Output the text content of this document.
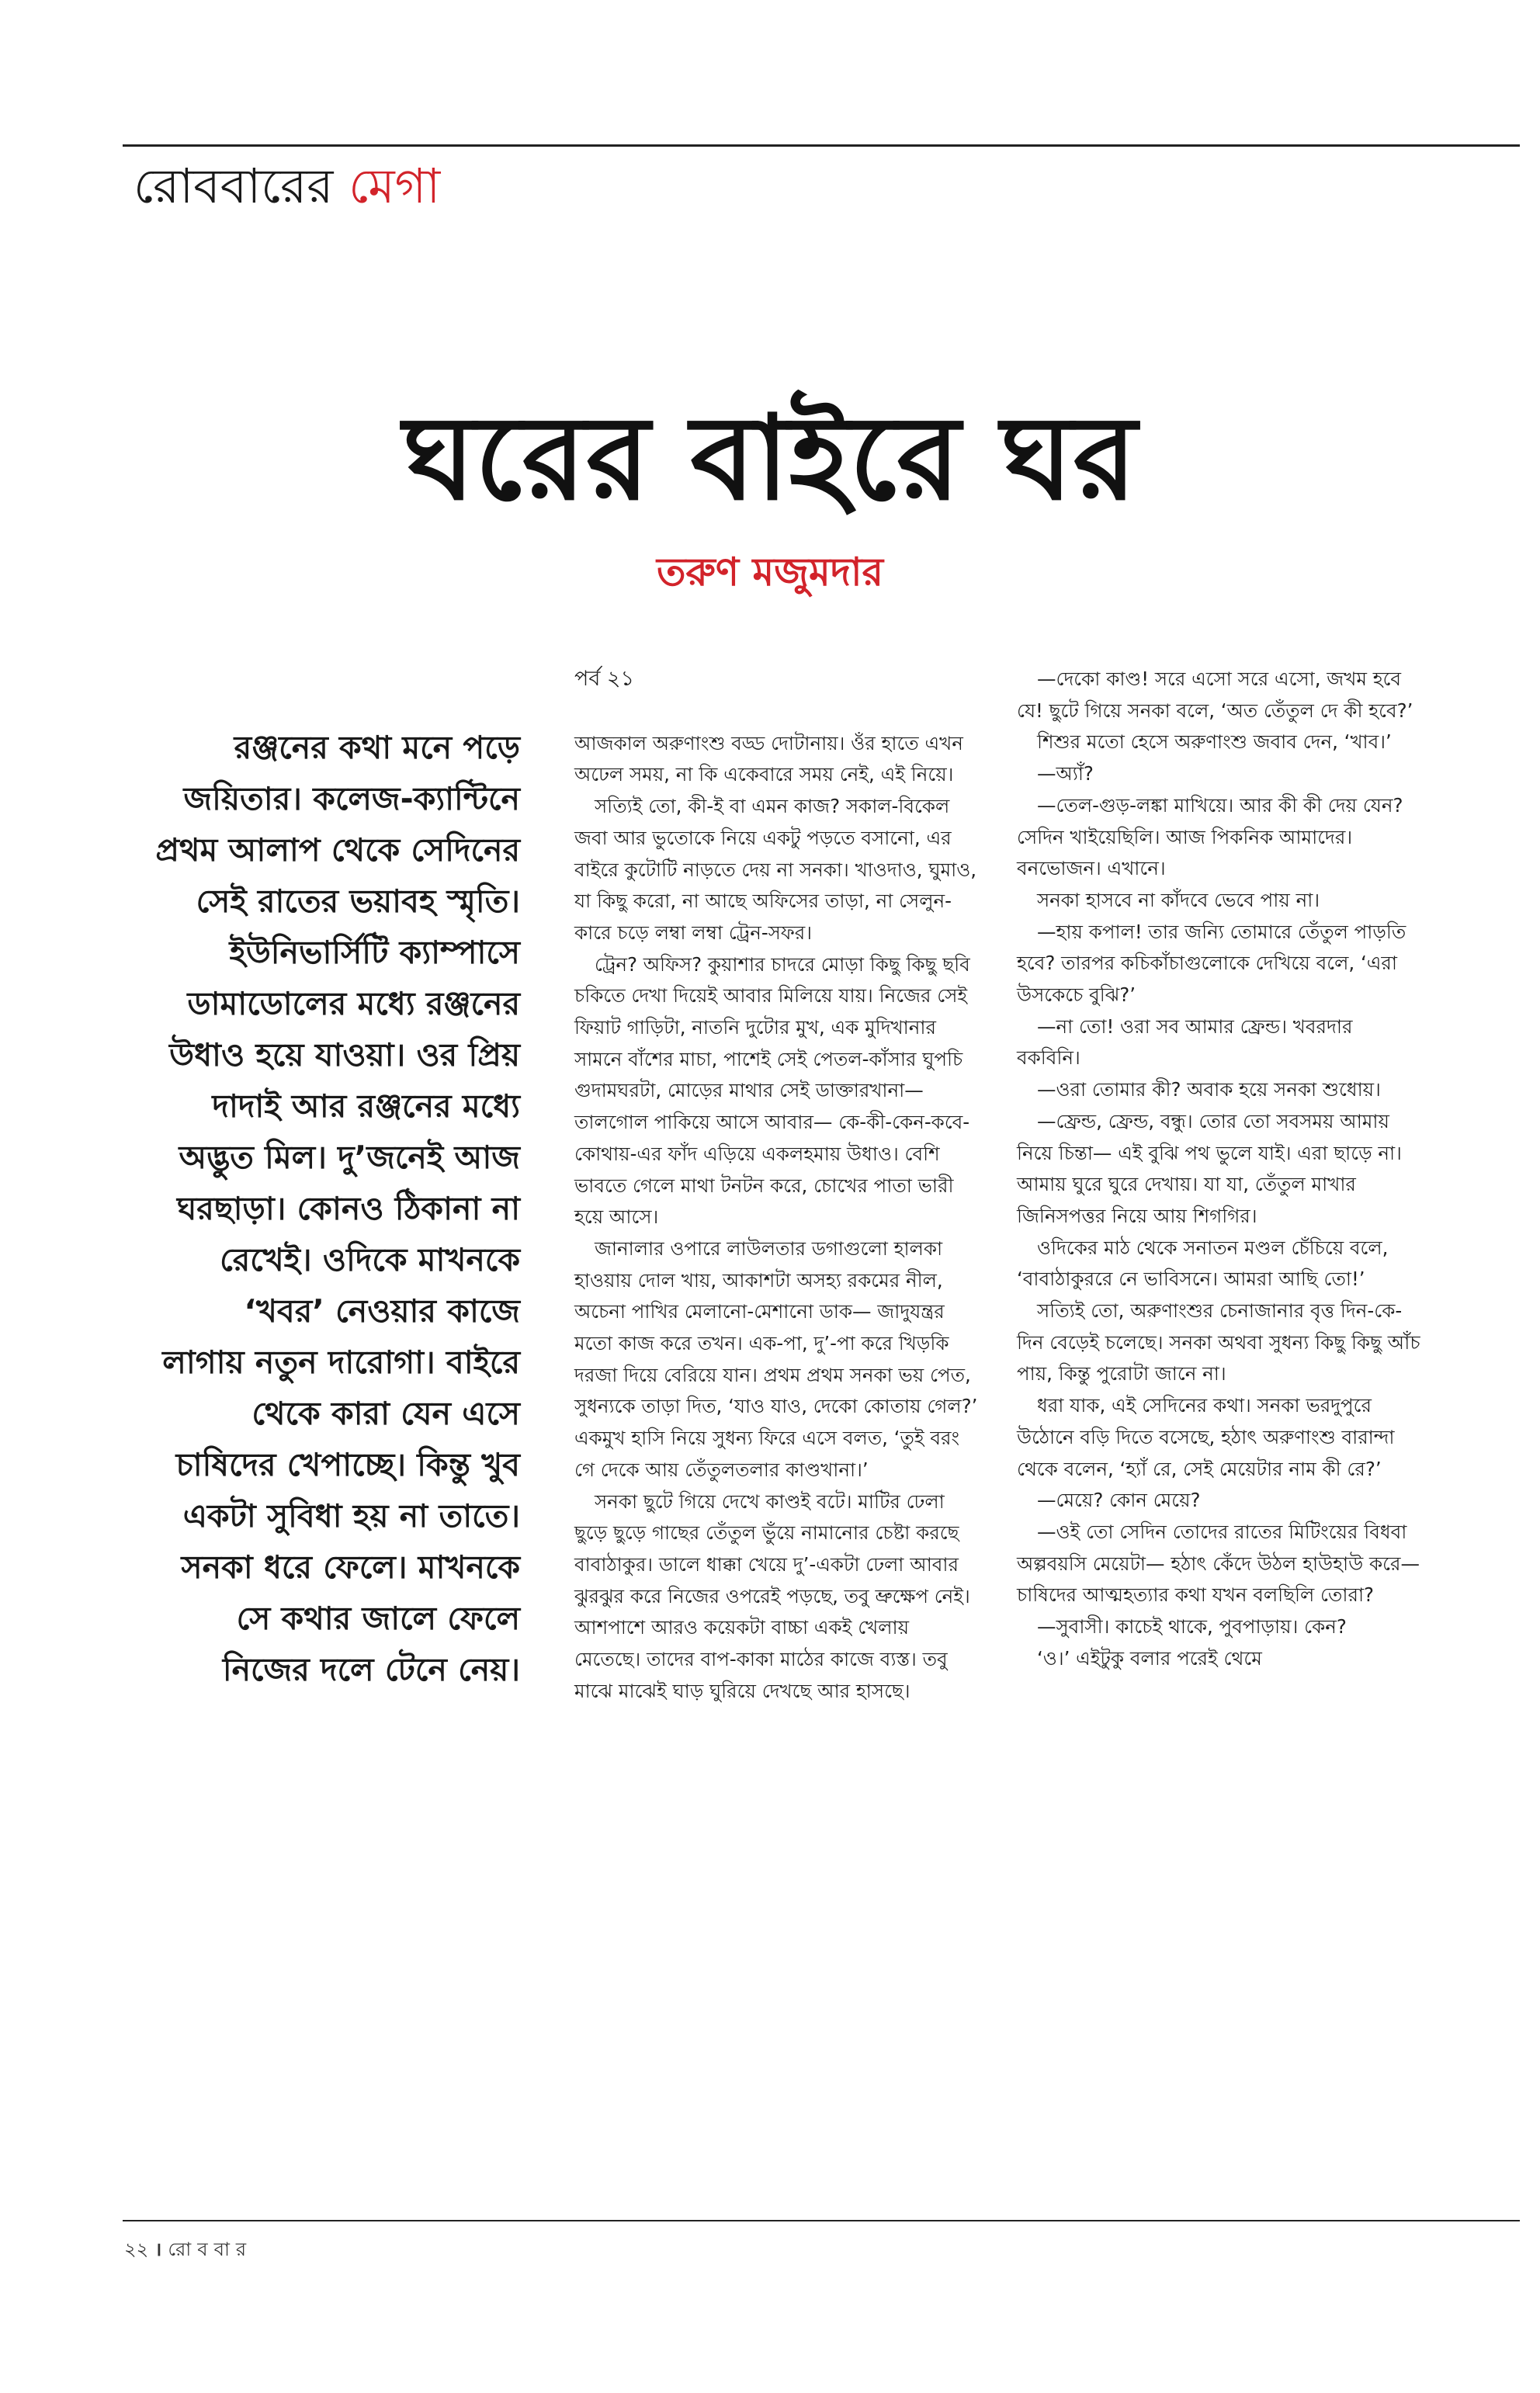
রোববারের মেগা
ঘরের বাইরে ঘর
তরুণ মজুমদার
রঞ্জনের কথা মনে পড়ে জয়িতার। কলেজ-ক্যান্টিনে প্রথম আলাপ থেকে সেদিনের সেই রাতের ভয়াবহ স্মৃতি। ইউনিভার্সিটি ক্যাম্পাসে ডামাডোলের মধ্যে রঞ্জনের উধাও হয়ে যাওয়া। ওর প্রিয় দাদাই আর রঞ্জনের মধ্যে অদ্ভুত মিল। দু’জনেই আজ ঘরছাড়া। কোনও ঠিকানা না রেখেই। ওদিকে মাখনকে ‘খবর’ নেওয়ার কাজে লাগায় নতুন দারোগা। বাইরে থেকে কারা যেন এসে চাষিদের খেপাচ্ছে। কিন্তু খুব একটা সুবিধা হয় না তাতে। সনকা ধরে ফেলে। মাখনকে সে কথার জালে ফেলে নিজের দলে টেনে নেয়।
পর্ব ২১

আজকাল অরুণাংশু বড্ড দোটানায়। ওঁর হাতে এখন অঢেল সময়, না কি একেবারে সময় নেই, এই নিয়ে।

সত্যিই তো, কী-ই বা এমন কাজ? সকাল-বিকেল জবা আর ভুতোকে নিয়ে একটু পড়তে বসানো, এর বাইরে কুটোটি নাড়তে দেয় না সনকা। খাওদাও, ঘুমাও, যা কিছু করো, না আছে অফিসের তাড়া, না সেলুন-কারে চড়ে লম্বা লম্বা ট্রেন-সফর।

ট্রেন? অফিস? কুয়াশার চাদরে মোড়া কিছু কিছু ছবি চকিতে দেখা দিয়েই আবার মিলিয়ে যায়। নিজের সেই ফিয়াট গাড়িটা, নাতনি দুটোর মুখ, এক মুদিখানার সামনে বাঁশের মাচা, পাশেই সেই পেতল-কাঁসার ঘুপচি গুদামঘরটা, মোড়ের মাথার সেই ডাক্তারখানা— তালগোল পাকিয়ে আসে আবার— কে-কী-কেন-কবে-কোথায়-এর ফাঁদ এড়িয়ে একলহমায় উধাও। বেশি ভাবতে গেলে মাথা টনটন করে, চোখের পাতা ভারী হয়ে আসে।

জানালার ওপারে লাউলতার ডগাগুলো হালকা হাওয়ায় দোল খায়, আকাশটা অসহ্য রকমের নীল, অচেনা পাখির মেলানো-মেশানো ডাক— জাদুযন্ত্রর মতো কাজ করে তখন। এক-পা, দু’-পা করে খিড়কি দরজা দিয়ে বেরিয়ে যান। প্রথম প্রথম সনকা ভয় পেত, সুধন্যকে তাড়া দিত, ‘যাও যাও, দেকো কোতায় গেল?’ একমুখ হাসি নিয়ে সুধন্য ফিরে এসে বলত, ‘তুই বরং গে দেকে আয় তেঁতুলতলার কাণ্ডখানা।’

সনকা ছুটে গিয়ে দেখে কাণ্ডই বটে। মাটির ঢেলা ছুড়ে ছুড়ে গাছের তেঁতুল ভুঁয়ে নামানোর চেষ্টা করছে বাবাঠাকুর। ডালে ধাক্কা খেয়ে দু’-একটা ঢেলা আবার ঝুরঝুর করে নিজের ওপরেই পড়ছে, তবু ভ্রুক্ষেপ নেই। আশপাশে আরও কয়েকটা বাচ্চা একই খেলায় মেতেছে। তাদের বাপ-কাকা মাঠের কাজে ব্যস্ত। তবু মাঝে মাঝেই ঘাড় ঘুরিয়ে দেখছে আর হাসছে।

—দেকো কাণ্ড! সরে এসো সরে এসো, জখম হবে যে! ছুটে গিয়ে সনকা বলে, ‘অত তেঁতুল দে কী হবে?’

শিশুর মতো হেসে অরুণাংশু জবাব দেন, ‘খাব।’

—অ্যাঁ?

—তেল-গুড়-লঙ্কা মাখিয়ে। আর কী কী দেয় যেন? সেদিন খাইয়েছিলি। আজ পিকনিক আমাদের। বনভোজন। এখানে।

সনকা হাসবে না কাঁদবে ভেবে পায় না।

—হায় কপাল! তার জন্যি তোমারে তেঁতুল পাড়তি হবে? তারপর কচিকাঁচাগুলোকে দেখিয়ে বলে, ‘এরা উসকেচে বুঝি?’

—না তো! ওরা সব আমার ফ্রেন্ড। খবরদার বকবিনি।

—ওরা তোমার কী? অবাক হয়ে সনকা শুধোয়।

—ফ্রেন্ড, ফ্রেন্ড, বন্ধু। তোর তো সবসময় আমায় নিয়ে চিন্তা— এই বুঝি পথ ভুলে যাই। এরা ছাড়ে না। আমায় ঘুরে ঘুরে দেখায়। যা যা, তেঁতুল মাখার জিনিসপত্তর নিয়ে আয় শিগগির।

ওদিকের মাঠ থেকে সনাতন মণ্ডল চেঁচিয়ে বলে, ‘বাবাঠাকুররে নে ভাবিসনে। আমরা আছি তো!’

সত্যিই তো, অরুণাংশুর চেনাজানার বৃত্ত দিন-কে-দিন বেড়েই চলেছে। সনকা অথবা সুধন্য কিছু কিছু আঁচ পায়, কিন্তু পুরোটা জানে না।

ধরা যাক, এই সেদিনের কথা। সনকা ভরদুপুরে উঠোনে বড়ি দিতে বসেছে, হঠাৎ অরুণাংশু বারান্দা থেকে বলেন, ‘হ্যাঁ রে, সেই মেয়েটার নাম কী রে?’

—মেয়ে? কোন মেয়ে?

—ওই তো সেদিন তোদের রাতের মিটিংয়ের বিধবা অল্পবয়সি মেয়েটা— হঠাৎ কেঁদে উঠল হাউহাউ করে— চাষিদের আত্মহত্যার কথা যখন বলছিলি তোরা?

—সুবাসী। কাচেই থাকে, পুবপাড়ায়। কেন?

‘ও।’ এইটুকু বলার পরেই থেমে

২২ । রোববার
